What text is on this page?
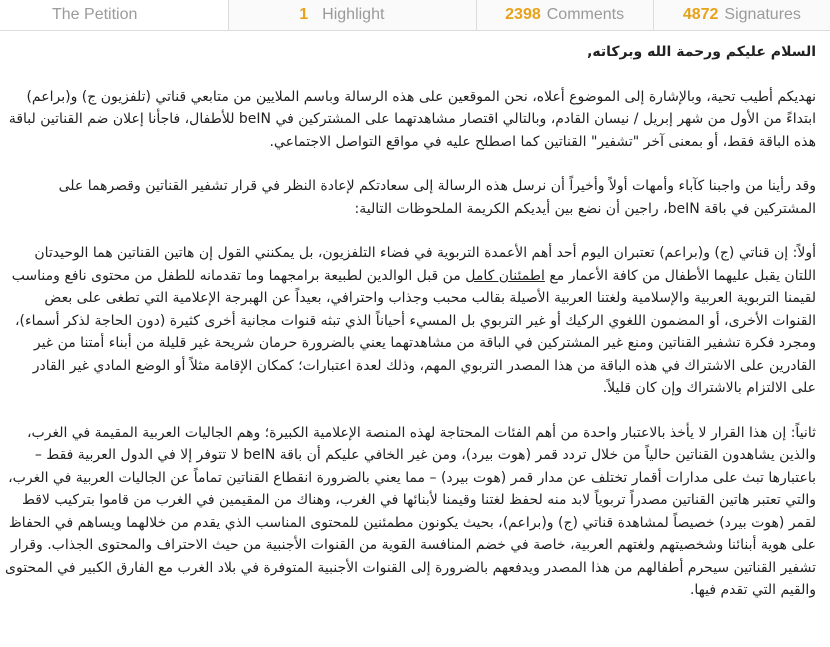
The Petition	1 Highlight	2398 Comments	4872 Signatures

السلام عليكم ورحمة الله وبركاته,

نهديكم أطيب تحية، وبالإشارة إلى الموضوع أعلاه، نحن الموقعين على هذه الرسالة وباسم الملايين من متابعي قناتي (تلفزيون ج) و(براعم) ابتداءً من الأول من شهر إبريل / نيسان القادم، وبالتالي اقتصار مشاهدتهما على المشتركين في beIN للأطفال، فاجأنا إعلان ضم القناتين لباقة هذه الباقة فقط، أو بمعنى آخر "تشفير" القناتين كما اصطلح عليه في مواقع التواصل الاجتماعي.

وقد رأينا من واجبنا كآباء وأمهات أولاً وأخيراً أن نرسل هذه الرسالة إلى سعادتكم لإعادة النظر في قرار تشفير القناتين وقصرهما على المشتركين في باقة beIN، راجين أن نضع بين أيديكم الكريمة الملحوظات التالية:

أولاً: إن قناتي (ج) و(براعم) تعتبران اليوم أحد أهم الأعمدة التربوية في فضاء التلفزيون، بل يمكنني القول إن هاتين القناتين هما الوحيدتان اللتان يقبل عليهما الأطفال من كافة الأعمار مع اطمئنان كامل من قبل الوالدين لطبيعة برامجهما وما تقدمانه للطفل من محتوى نافع ومناسب لقيمنا التربوية العربية والإسلامية ولغتنا العربية الأصيلة بقالب محبب وجذاب واحترافي، بعيداً عن الهبرجة الإعلامية التي تطغى على بعض القنوات الأخرى، أو المضمون اللغوي الركيك أو غير التربوي بل المسيء أحياناً الذي تبثه قنوات مجانية أخرى كثيرة (دون الحاجة لذكر أسماء)، ومجرد فكرة تشفير القناتين ومنع غير المشتركين في الباقة من مشاهدتهما يعني بالضرورة حرمان شريحة غير قليلة من أبناء أمتنا من غير القادرين على الاشتراك في هذه الباقة من هذا المصدر التربوي المهم، وذلك لعدة اعتبارات؛ كمكان الإقامة مثلاً أو الوضع المادي غير القادر على الالتزام بالاشتراك وإن كان قليلاً.

ثانياً: إن هذا القرار لا يأخذ بالاعتبار واحدة من أهم الفئات المحتاجة لهذه المنصة الإعلامية الكبيرة؛ وهم الجاليات العربية المقيمة في الغرب، والذين يشاهدون القناتين حالياً من خلال تردد قمر (هوت بيرد)، ومن غير الخافي عليكم أن باقة beIN لا تتوفر إلا في الدول العربية فقط – باعتبارها تبث على مدارات أقمار تختلف عن مدار قمر (هوت بيرد) – مما يعني بالضرورة انقطاع القناتين تماماً عن الجاليات العربية في الغرب، والتي تعتبر هاتين القناتين مصدراً تربوياً لابد منه لحفظ لغتنا وقيمنا لأبنائها في الغرب، وهناك من المقيمين في الغرب من قاموا بتركيب لاقط لقمر (هوت بيرد) خصيصاً لمشاهدة قناتي (ج) و(براعم)، بحيث يكونون مطمئنين للمحتوى المناسب الذي يقدم من خلالهما ويساهم في الحفاظ على هوية أبنائنا وشخصيتهم ولغتهم العربية، خاصة في خضم المنافسة القوية من القنوات الأجنبية من حيث الاحتراف والمحتوى الجذاب. وقرار تشفير القناتين سيحرم أطفالهم من هذا المصدر ويدفعهم بالضرورة إلى القنوات الأجنبية المتوفرة في بلاد الغرب مع الفارق الكبير في المحتوى والقيم التي تقدم فيها.
